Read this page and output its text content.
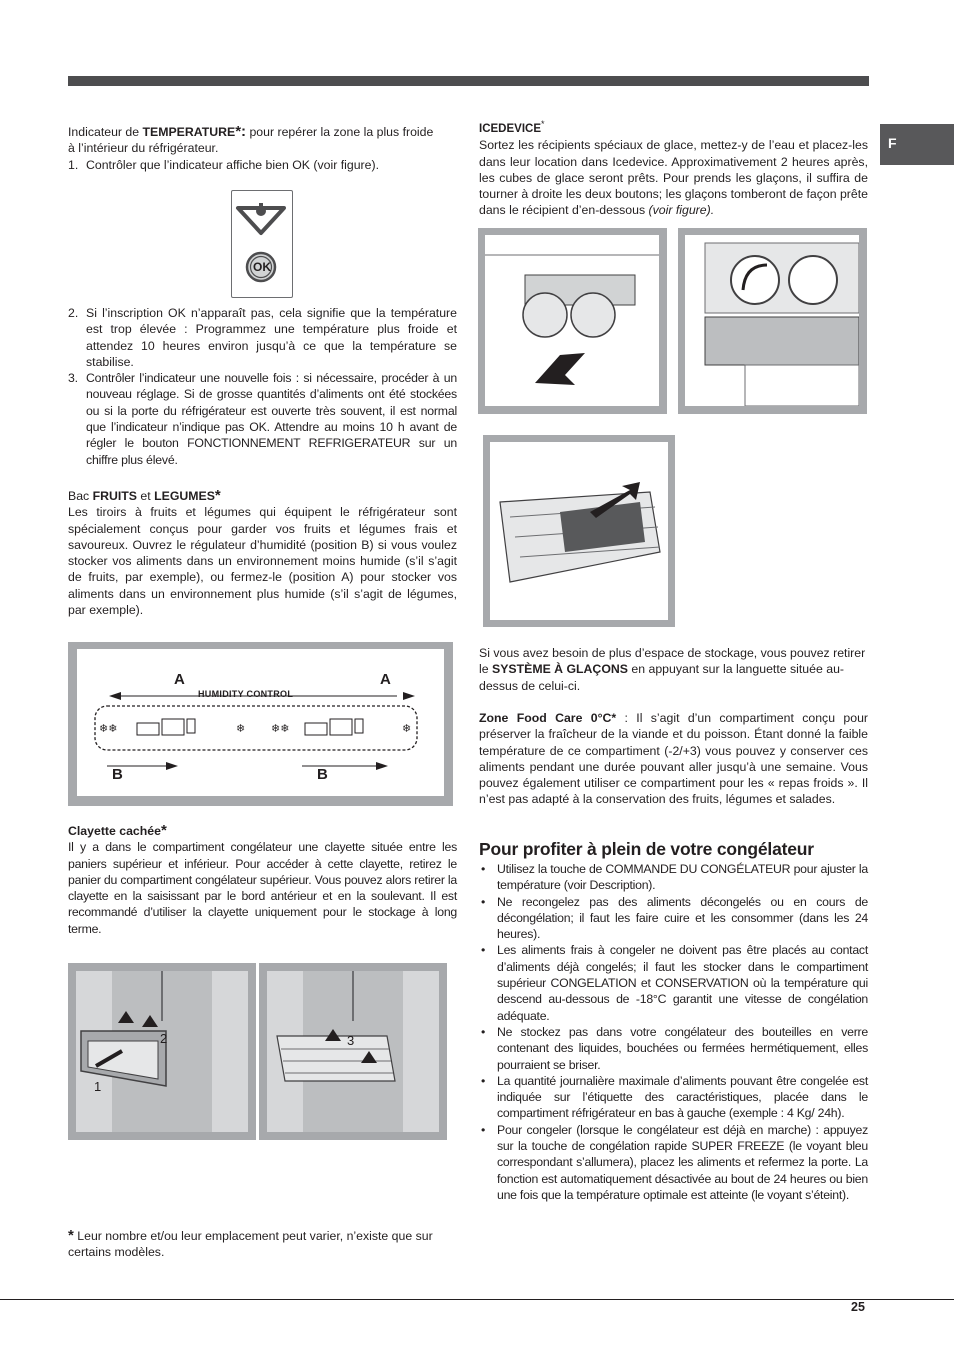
F

Indicateur de TEMPERATURE*: pour repérer la zone la plus froide
à l’intérieur du réfrigérateur.

1. Contrôler que l’indicateur affiche bien OK (voir figure).

OK

2. Si l’inscription OK n’apparaît pas, cela signifie que la température est trop élevée : Programmez une température plus froide et attendez 10 heures environ jusqu’à ce que la température se stabilise.

3. Contrôler l’indicateur une nouvelle fois : si nécessaire, procéder à un nouveau réglage. Si de grosse quantités d’aliments ont été stockées ou si la porte du réfrigérateur est ouverte très souvent, il est normal que l’indicateur n’indique pas OK. Attendre au moins 10 h avant de régler le bouton FONCTIONNEMENT REFRIGERATEUR sur un chiffre plus élevé.

Bac FRUITS et LEGUMES*

Les tiroirs à fruits et légumes qui équipent le réfrigérateur sont spécialement conçus pour garder vos fruits et légumes frais et savoureux. Ouvrez le régulateur d’humidité (position B) si vous voulez stocker vos aliments dans un environnement moins humide (s’il s’agit de fruits, par exemple), ou fermez-le (position A) pour stocker vos aliments dans un environnement plus humide (s’il s’agit de légumes, par exemple).

A	A
B	B
HUMIDITY CONTROL
❄❄	❄ ❄❄	❄

Clayette cachée*

Il y a dans le compartiment congélateur une clayette située entre les paniers supérieur et inférieur. Pour accéder à cette clayette, retirez le panier du compartiment congélateur supérieur. Vous pouvez alors retirer la clayette en la saisissant par le bord antérieur et en la soulevant. Il est recommandé d’utiliser la clayette uniquement pour le stockage à long terme.

2
1
3

* Leur nombre et/ou leur emplacement peut varier, n’existe que sur certains modèles.

ICEDEVICE*

Sortez les récipients spéciaux de glace, mettez-y de l’eau et placez-les dans leur location dans Icedevice. Approximativement 2 heures après, les cubes de glace seront prêts. Pour prends les glaçons, il suffira de tourner à droite les deux boutons; les glaçons tomberont de façon prête dans le récipient d’en-dessous (voir figure).

Si vous avez besoin de plus d’espace de stockage, vous pouvez retirer le SYSTÈME À GLAÇONS en appuyant sur la languette située au-dessus de celui-ci.

Zone Food Care 0°C* : Il s’agit d’un compartiment conçu pour préserver la fraîcheur de la viande et du poisson. Étant donné la faible température de ce compartiment (-2/+3) vous pouvez y conserver ces aliments pendant une durée pouvant aller jusqu’à une semaine. Vous pouvez également utiliser ce compartiment pour les « repas froids ». Il n’est pas adapté à la conservation des fruits, légumes et salades.

Pour profiter à plein de votre congélateur

• Utilisez la touche de COMMANDE DU CONGÉLATEUR pour ajuster la température (voir Description).

• Ne recongelez pas des aliments décongelés ou en cours de décongélation; il faut les faire cuire et les consommer (dans les 24 heures).

• Les aliments frais à congeler ne doivent pas être placés au contact d’aliments déjà congelés; il faut les stocker dans le compartiment supérieur CONGELATION et CONSERVATION où la température qui descend au-dessous de -18°C garantit une vitesse de congélation adéquate.

• Ne stockez pas dans votre congélateur des bouteilles en verre contenant des liquides, bouchées ou fermées hermétiquement, elles pourraient se briser.

• La quantité journalière maximale d’aliments pouvant être congelée est indiquée sur l’étiquette des caractéristiques, placée dans le compartiment réfrigérateur en bas à gauche (exemple : 4 Kg/ 24h).

• Pour congeler (lorsque le congélateur est déjà en marche) : appuyez sur la touche de congélation rapide SUPER FREEZE (le voyant bleu correspondant s’allumera), placez les aliments et refermez la porte. La fonction est automatiquement désactivée au bout de 24 heures ou bien une fois que la température optimale est atteinte (le voyant s’éteint).

25
